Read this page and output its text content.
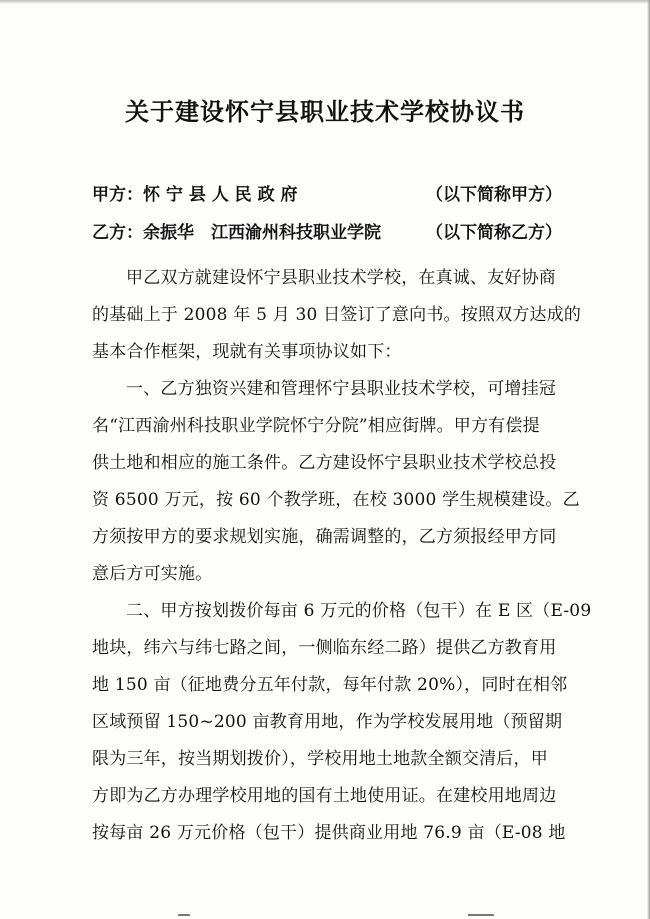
关于建设怀宁县职业技术学校协议书
甲方：怀 宁 县 人 民 政 府	（以下简称甲方）
乙方：余振华　江西渝州科技职业学院	（以下简称乙方）
甲乙双方就建设怀宁县职业技术学校，在真诚、友好协商
的基础上于 2008 年 5 月 30 日签订了意向书。按照双方达成的
基本合作框架，现就有关事项协议如下：
一、乙方独资兴建和管理怀宁县职业技术学校，可增挂冠
名“江西渝州科技职业学院怀宁分院”相应街牌。甲方有偿提
供土地和相应的施工条件。乙方建设怀宁县职业技术学校总投
资 6500 万元，按 60 个教学班，在校 3000 学生规模建设。乙
方须按甲方的要求规划实施，确需调整的，乙方须报经甲方同
意后方可实施。
二、甲方按划拨价每亩 6 万元的价格（包干）在 E 区（E-09
地块，纬六与纬七路之间，一侧临东经二路）提供乙方教育用
地 150 亩（征地费分五年付款，每年付款 20%），同时在相邻
区域预留 150~200 亩教育用地，作为学校发展用地（预留期
限为三年，按当期划拨价），学校用地土地款全额交清后，甲
方即为乙方办理学校用地的国有土地使用证。在建校用地周边
按每亩 26 万元价格（包干）提供商业用地 76.9 亩（E-08 地
